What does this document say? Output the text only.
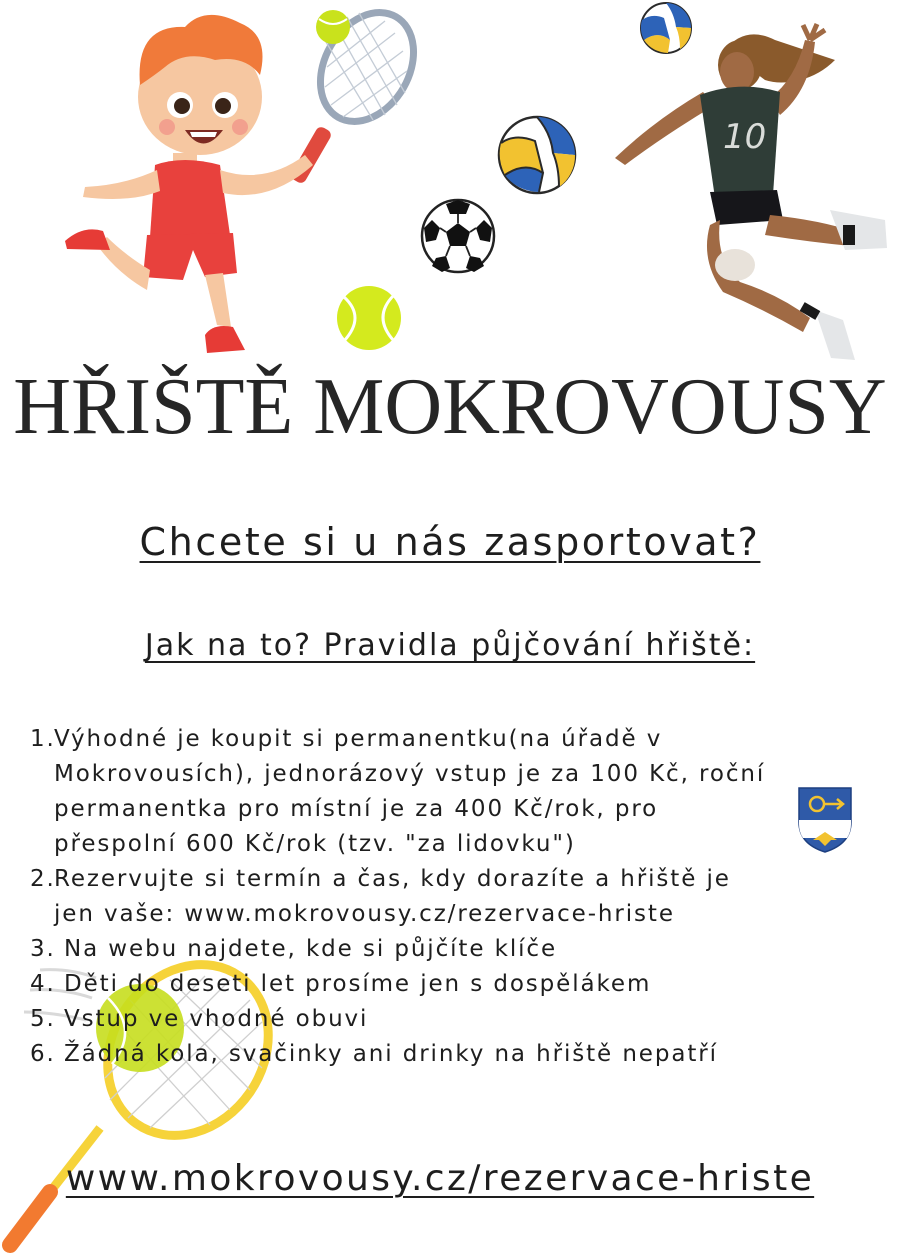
10
HŘIŠTĚ MOKROVOUSY
Chcete si u nás zasportovat?
Jak na to? Pravidla půjčování hřiště:
1.
Výhodné je koupit si permanentku(na úřadě v
Mokrovousích), jednorázový vstup je za 100 Kč, roční
permanentka pro místní je za 400 Kč/rok, pro
přespolní 600 Kč/rok (tzv. "za lidovku")
2.
Rezervujte si termín a čas, kdy dorazíte a hřiště je
jen vaše: www.mokrovousy.cz/rezervace-hriste
3. Na webu najdete, kde si půjčíte klíče
4. Děti do deseti let prosíme jen s dospělákem
5. Vstup ve vhodné obuvi
6. Žádná kola, svačinky ani drinky na hřiště nepatří
www.mokrovousy.cz/rezervace-hriste
